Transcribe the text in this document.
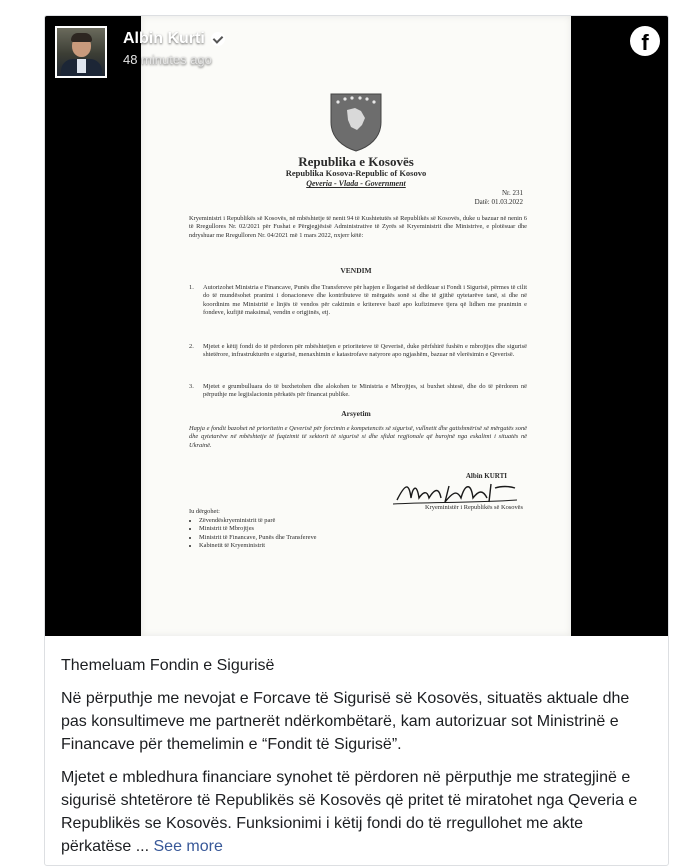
Republika e Kosovës
Republika Kosova-Republic of Kosovo
Qeveria - Vlada - Government
Nr. 231
Datë: 01.03.2022
Kryeministri i Republikës së Kosovës, në mbështetje të nenit 94 të Kushtetutës së Republikës së Kosovës, duke u bazuar në nenin 6 të Rregullores Nr. 02/2021 për Fushat e Përgjegjësisë Administrative të Zyrës së Kryeministrit dhe Ministrive, e plotësuar dhe ndryshuar me Rregulloren Nr. 04/2021 më 1 mars 2022, nxjerr këtë:
VENDIM
1.	Autorizohet Ministria e Financave, Punës dhe Transfereve për hapjen e llogarisë së dedikuar si Fondi i Sigurisë, përmes të cilit do të mundësohet pranimi i donacioneve dhe kontributeve të mërgatës sonë si dhe të gjithë qytetarëve tanë, si dhe në koordinim me Ministritë e linjës të vendos për caktimin e kritereve bazë apo kufizimeve tjera që lidhen me pranimin e fondeve, kufijtë maksimal, vendin e origjinës, etj.
2.	Mjetet e këtij fondi do të përdoren për mbështetjen e prioriteteve të Qeverisë, duke përfshirë fushën e mbrojtjes dhe sigurisë shtetërore, infrastrukturën e sigurisë, menaxhimin e katastrofave natyrore apo ngjashëm, bazuar në vlerësimin e Qeverisë.
3.	Mjetet e grumbulluara do të buxhetohen dhe alokohen te Ministria e Mbrojtjes, si buxhet shtesë, dhe do të përdoren në përputhje me legjislacionin përkatës për financat publike.
Arsyetim
Hapja e fondit bazohet në prioritetin e Qeverisë për forcimin e kompetencës së sigurisë, vullnetit dhe gatishmërisë së mërgatës sonë dhe qytetarëve në mbështetje të fuqizimit të sektorit të sigurisë si dhe sfidat regjionale që burojnë nga eskalimi i situatës në Ukrainë.
Albin KURTI
Kryeministër i Republikës së Kosovës
Iu dërgohet:
• Zëvendëskryeministrit të parë
• Ministrit të Mbrojtjes
• Ministrit të Financave, Punës dhe Transfereve
• Kabinetit të Kryeministrit
Albin Kurti
48 minutes ago
f
Themeluam Fondin e Sigurisë

Në përputhje me nevojat e Forcave të Sigurisë së Kosovës, situatës aktuale dhe pas konsultimeve me partnerët ndërkombëtarë, kam autorizuar sot Ministrinë e Financave për themelimin e “Fondit të Sigurisë”.

Mjetet e mbledhura financiare synohet të përdoren në përputhje me strategjinë e sigurisë shtetërore të Republikës së Kosovës që pritet të miratohet nga Qeveria e Republikës se Kosovës. Funksionimi i këtij fondi do të rregullohet me akte përkatëse ... See more
